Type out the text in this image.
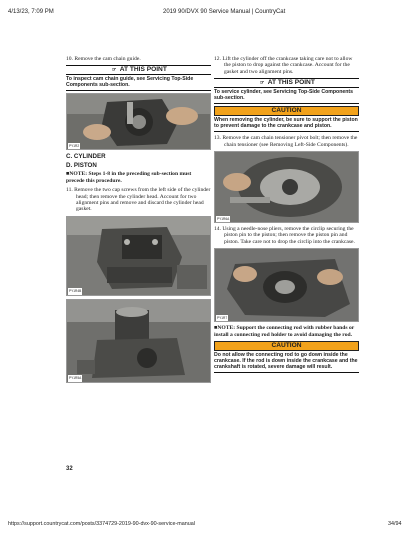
4/13/23, 7:09 PM	2019 90/DVX 90 Service Manual | CountryCat

10. Remove the cam chain guide.

☞ AT THIS POINT
To inspect cam chain guide, see Servicing Top-Side Components sub-section.
PY1R2
C. CYLINDER
D. PISTON

■NOTE: Steps 1-8 in the preceding sub-section must precede this procedure.

11. Remove the two cap screws from the left side of the cylinder head; then remove the cylinder head. Account for two alignment pins and remove and discard the cylinder head gasket.

PY1R4B
PY1R5A

12. Lift the cylinder off the crankcase taking care not to allow the piston to drop against the crankcase. Account for the gasket and two alignment pins.

☞ AT THIS POINT
To service cylinder, see Servicing Top-Side Components sub-section.
CAUTION
When removing the cylinder, be sure to support the piston to prevent damage to the crankcase and piston.

13. Remove the cam chain tensioner pivot bolt; then remove the chain tensioner (see Removing Left-Side Components).

PY1R6A

14. Using a needle-nose pliers, remove the circlip securing the piston pin to the piston; then remove the piston pin and piston. Take care not to drop the circlip into the crankcase.

PY1R7

■NOTE: Support the connecting rod with rubber bands or install a connecting rod holder to avoid damaging the rod.

CAUTION
Do not allow the connecting rod to go down inside the crankcase. If the rod is down inside the crankcase and the crankshaft is rotated, severe damage will result.
32
https://support.countrycat.com/posts/3374729-2019-90-dvx-90-service-manual	34/94
